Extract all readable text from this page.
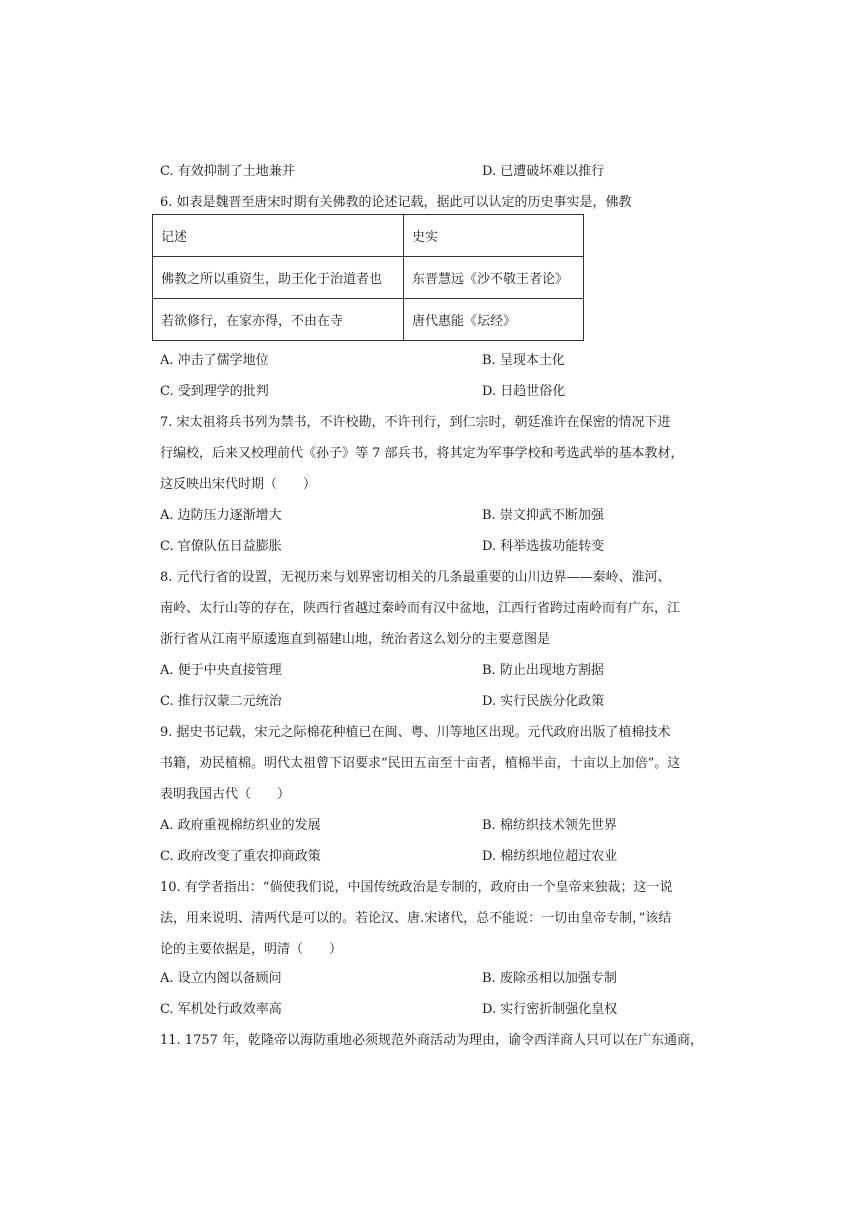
C. 有效抑制了土地兼并	D. 已遭破坏难以推行
6. 如表是魏晋至唐宋时期有关佛教的论述记载，据此可以认定的历史事实是，佛教
记述	史实
佛教之所以重资生，助王化于治道者也	东晋慧远《沙不敬王者论》
若欲修行，在家亦得，不由在寺	唐代惠能《坛经》
A. 冲击了儒学地位	B. 呈现本土化
C. 受到理学的批判	D. 日趋世俗化
7. 宋太祖将兵书列为禁书，不许校勘，不许刊行，到仁宗时，朝廷准许在保密的情况下进
行编校，后来又校理前代《孙子》等 7 部兵书，将其定为军事学校和考选武举的基本教材，
这反映出宋代时期（　　）
A. 边防压力逐渐增大	B. 崇文抑武不断加强
C. 官僚队伍日益膨胀	D. 科举选拔功能转变
8. 元代行省的设置，无视历来与划界密切相关的几条最重要的山川边界——秦岭、淮河、
南岭、太行山等的存在，陕西行省越过秦岭而有汉中盆地，江西行省跨过南岭而有广东，江
浙行省从江南平原逶迤直到福建山地，统治者这么划分的主要意图是
A. 便于中央直接管理	B. 防止出现地方割据
C. 推行汉蒙二元统治	D. 实行民族分化政策
9. 据史书记载，宋元之际棉花种植已在闽、粤、川等地区出现。元代政府出版了植棉技术
书籍，劝民植棉。明代太祖曾下诏要求“民田五亩至十亩者，植棉半亩，十亩以上加倍”。这
表明我国古代（　　）
A. 政府重视棉纺织业的发展	B. 棉纺织技术领先世界
C. 政府改变了重农抑商政策	D. 棉纺织地位超过农业
10. 有学者指出：“倘使我们说，中国传统政治是专制的，政府由一个皇帝来独裁；这一说
法，用来说明、清两代是可以的。若论汉、唐.宋诸代，总不能说：一切由皇帝专制，”该结
论的主要依据是，明清（　　）
A. 设立内阁以备顾问	B. 废除丞相以加强专制
C. 军机处行政效率高	D. 实行密折制强化皇权
11. 1757 年，乾隆帝以海防重地必须规范外商活动为理由，谕令西洋商人只可以在广东通商，
